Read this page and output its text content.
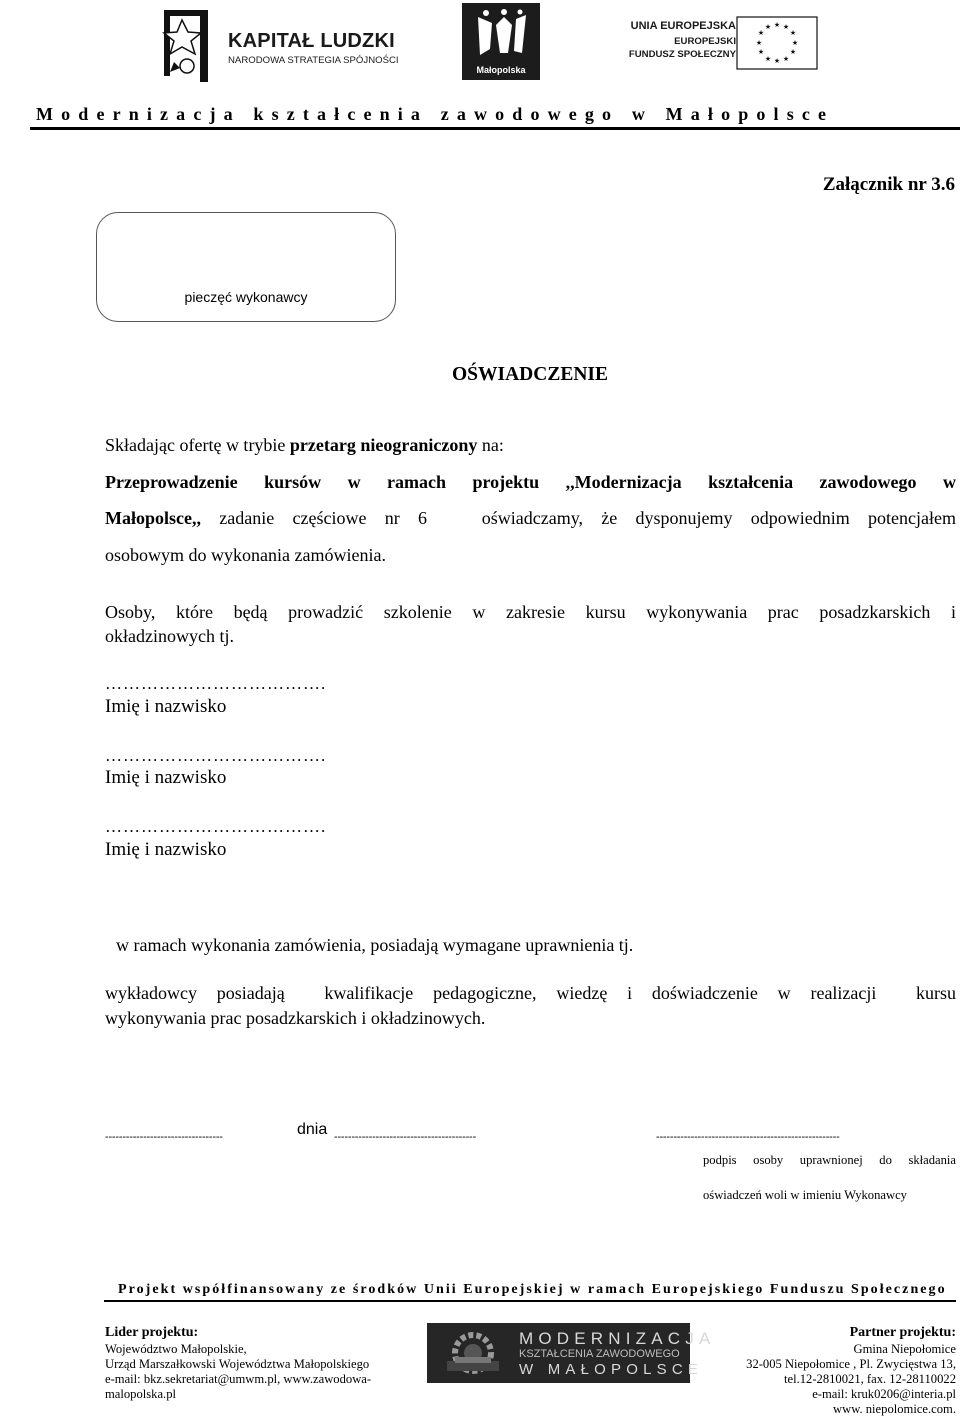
KAPITAŁ LUDZKI
NARODOWA STRATEGIA SPÓJNOŚCI
Małopolska
UNIA EUROPEJSKA
EUROPEJSKI
FUNDUSZ SPOŁECZNY
★ ★
★
★
★
★
★
★
★
★
★
★
Modernizacja kształcenia zawodowego w Małopolsce
Załącznik nr 3.6
pieczęć wykonawcy
OŚWIADCZENIE
Składając ofertę w trybie przetarg nieograniczony na:
Przeprowadzenie kursów w ramach projektu ,,Modernizacja kształcenia zawodowego w
Małopolsce,, zadanie częściowe nr 6   oświadczamy, że dysponujemy odpowiednim potencjałem
osobowym do wykonania zamówienia.
Osoby, które będą prowadzić szkolenie w zakresie kursu wykonywania prac posadzkarskich i
okładzinowych tj.
……………………………….
Imię i nazwisko
……………………………….
Imię i nazwisko
……………………………….
Imię i nazwisko
w ramach wykonania zamówienia, posiadają wymagane uprawnienia tj.
wykładowcy posiadają  kwalifikacje pedagogiczne, wiedzę i doświadczenie w realizacji  kursu
wykonywania prac posadzkarskich i okładzinowych.
----------------------------------	dnia -----------------------------------------	-----------------------------------------------------
podpis   osoby   uprawnionej   do   składania
oświadczeń woli w imieniu Wykonawcy
Projekt współfinansowany ze środków Unii Europejskiej w ramach Europejskiego Funduszu Społecznego
Lider projektu:
Województwo Małopolskie,
Urząd Marszałkowski Województwa Małopolskiego
e-mail: bkz.sekretariat@umwm.pl, www.zawodowa-
malopolska.pl
MODERNIZACJA
KSZTAŁCENIA ZAWODOWEGO
W MAŁOPOLSCE
Partner projektu:
Gmina Niepołomice
32-005 Niepołomice , Pl. Zwycięstwa 13,
tel.12-2810021, fax. 12-28110022
e-mail: kruk0206@interia.pl
www. niepolomice.com.
